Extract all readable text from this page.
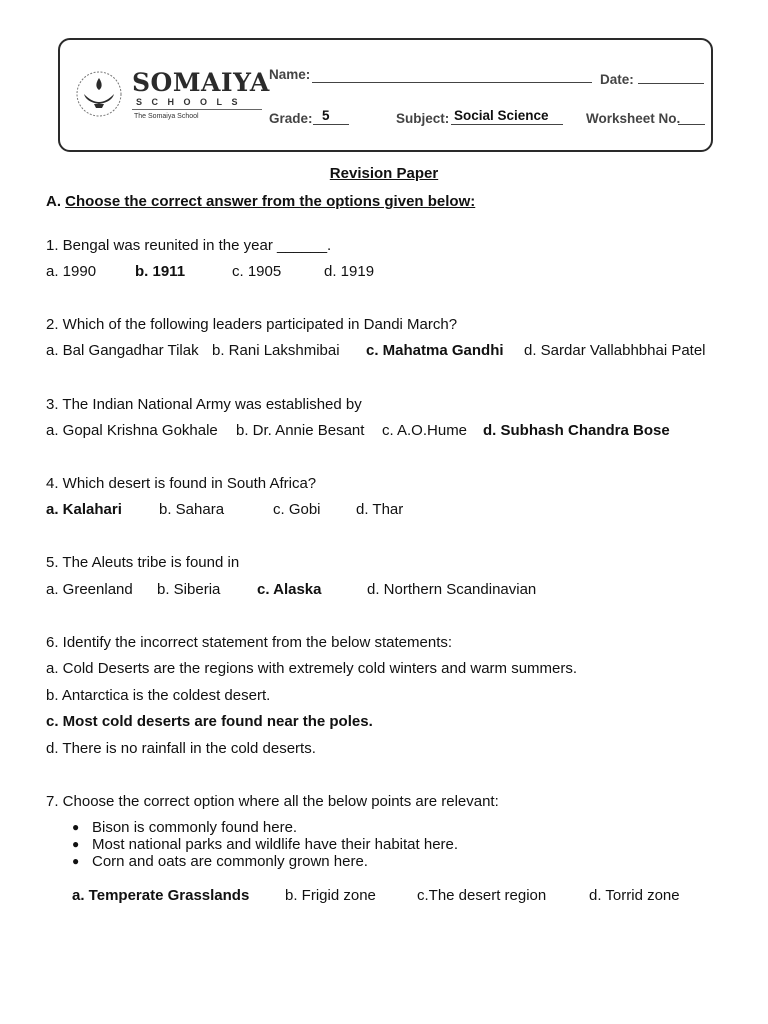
SOMAIYA
SCHOOLS
The Somaiya School
Name:	Date:
Grade: 5	Subject: Social Science	Worksheet No.
Revision Paper
A. Choose the correct answer from the options given below:
1. Bengal was reunited in the year ______.
a. 1990	b. 1911	c. 1905	d. 1919
2. Which of the following leaders participated in Dandi March?
a. Bal Gangadhar Tilak b. Rani Lakshmibai c. Mahatma Gandhi d. Sardar Vallabhbhai Patel
3. The Indian National Army was established by
a. Gopal Krishna Gokhale b. Dr. Annie Besant c. A.O.Hume d. Subhash Chandra Bose
4. Which desert is found in South Africa?
a. Kalahari b. Sahara	c. Gobi d. Thar
5. The Aleuts tribe is found in
a. Greenland b. Siberia c. Alaska	d. Northern Scandinavian
6. Identify the incorrect statement from the below statements:
a. Cold Deserts are the regions with extremely cold winters and warm summers.
b. Antarctica is the coldest desert.
c. Most cold deserts are found near the poles.
d. There is no rainfall in the cold deserts.
7. Choose the correct option where all the below points are relevant:
● Bison is commonly found here.
● Most national parks and wildlife have their habitat here.
● Corn and oats are commonly grown here.
a. Temperate Grasslands b. Frigid zone	c.The desert region	d. Torrid zone
